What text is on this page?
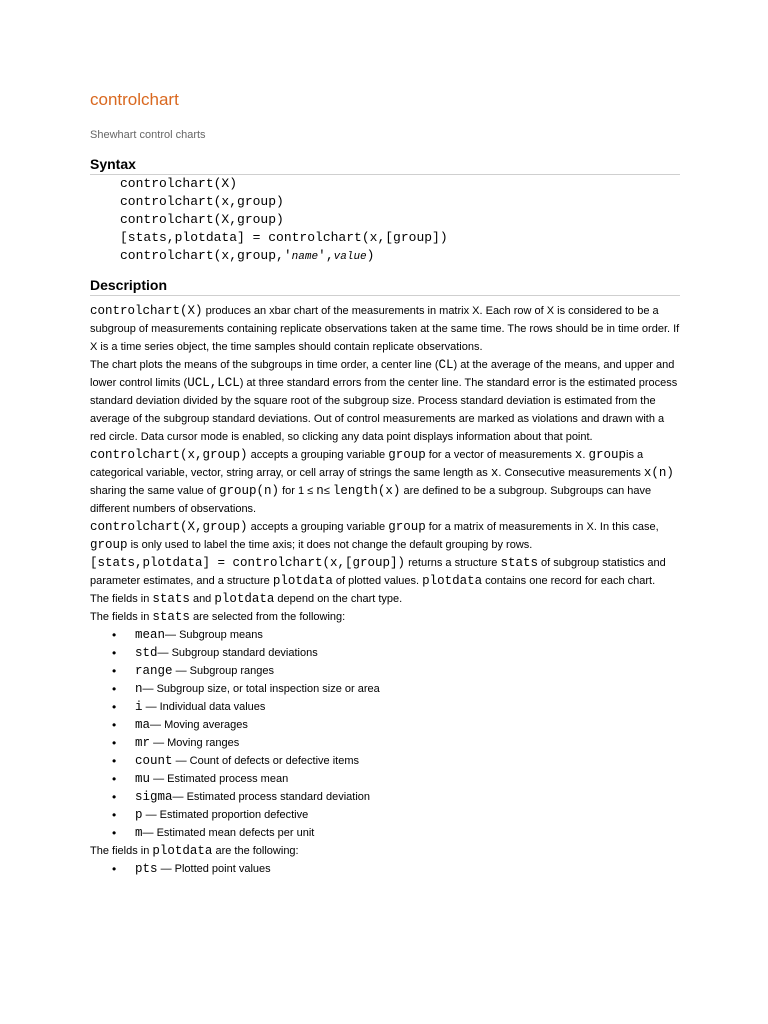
controlchart
Shewhart control charts
Syntax
controlchart(X)
controlchart(x,group)
controlchart(X,group)
[stats,plotdata] = controlchart(x,[group])
controlchart(x,group,'name',value)
Description

controlchart(X) produces an xbar chart of the measurements in matrix X. Each row of X is considered to be a subgroup of measurements containing replicate observations taken at the same time. The rows should be in time order. If X is a time series object, the time samples should contain replicate observations.

The chart plots the means of the subgroups in time order, a center line (CL) at the average of the means, and upper and lower control limits (UCL,LCL) at three standard errors from the center line. The standard error is the estimated process standard deviation divided by the square root of the subgroup size. Process standard deviation is estimated from the average of the subgroup standard deviations. Out of control measurements are marked as violations and drawn with a red circle. Data cursor mode is enabled, so clicking any data point displays information about that point.

controlchart(x,group) accepts a grouping variable group for a vector of measurements x. groupis a categorical variable, vector, string array, or cell array of strings the same length as x. Consecutive measurements x(n) sharing the same value of group(n) for 1 ≤ n≤ length(x) are defined to be a subgroup. Subgroups can have different numbers of observations.

controlchart(X,group) accepts a grouping variable group for a matrix of measurements in X. In this case, group is only used to label the time axis; it does not change the default grouping by rows.

[stats,plotdata] = controlchart(x,[group]) returns a structure stats of subgroup statistics and parameter estimates, and a structure plotdata of plotted values. plotdata contains one record for each chart.

The fields in stats and plotdata depend on the chart type.

The fields in stats are selected from the following:

• mean— Subgroup means
• std— Subgroup standard deviations
• range — Subgroup ranges
• n— Subgroup size, or total inspection size or area
• i — Individual data values
• ma— Moving averages
• mr — Moving ranges
• count — Count of defects or defective items
• mu — Estimated process mean
• sigma— Estimated process standard deviation
• p — Estimated proportion defective
• m— Estimated mean defects per unit

The fields in plotdata are the following:

• pts — Plotted point values
